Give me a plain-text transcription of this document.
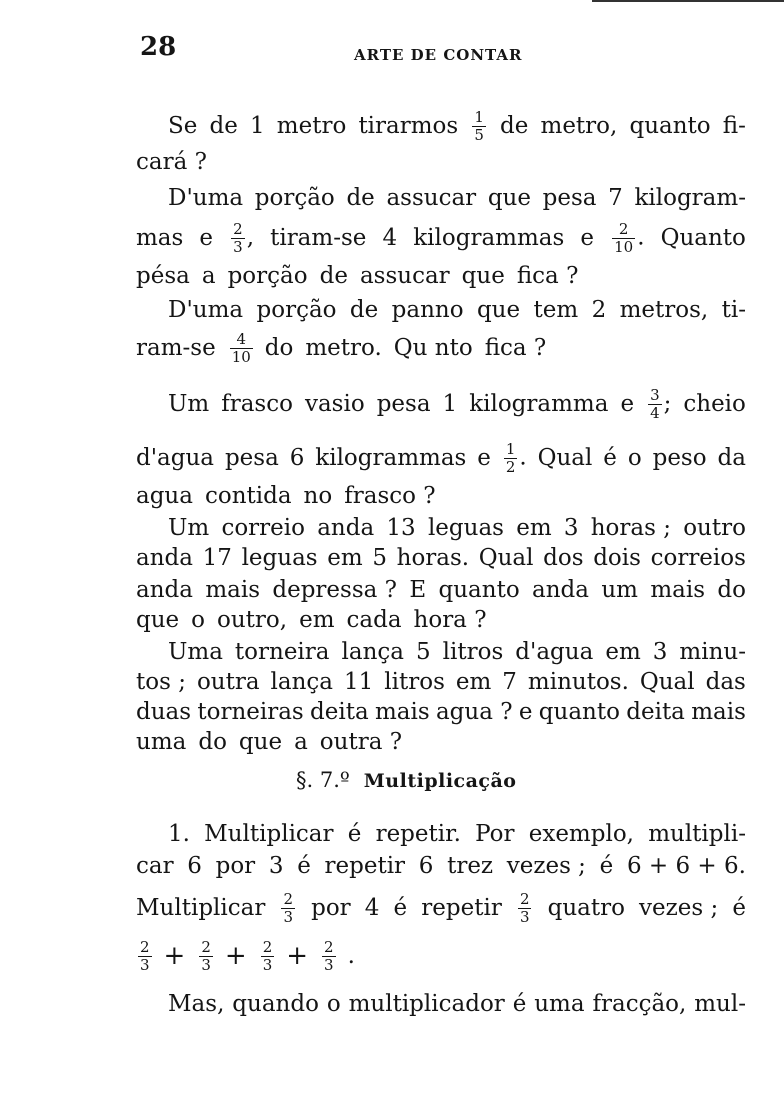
28	ARTE DE CONTAR
Se de 1 metro tirarmos $\frac{1}{5}$ de metro, quanto fi-
cará ?
D'uma porção de assucar que pesa 7 kilogram-
mas e $\frac{2}{3}$ , tiram-se 4 kilogrammas e $\frac{2}{10}$ . Quanto
pésa a porção de assucar que fica ?
D'uma porção de panno que tem 2 metros, ti-
$ram-se \frac{4}{10}$ do metro. Qu nto fica ?
Um frasco vasio pesa 1 kilogramma e $\frac{3}{4}$ ; cheio
d'agua pesa 6 kilogrammas e $\frac{1}{2}$ . Qual é o peso da
agua contida no frasco ?
Um correio anda 13 leguas em 3 horas ; outro
anda 17 leguas em 5 horas. Qual dos dois correios
anda mais depressa ? E quanto anda um mais do
que o outro, em cada hora ?
Uma torneira lança 5 litros d'agua em 3 minu-
tos ; outra lança 11 litros em 7 minutos. Qual das
duas torneiras deita mais agua ? e quanto deita mais
uma do que a outra ?
§. 7.º Multiplicação
1. Multiplicar é repetir. Por exemplo, multipli-
car 6 por 3 é repetir 6 trez vezes ; é 6 + 6 + 6.
Multiplicar $\frac{2}{3}$ por 4 é repetir $\frac{2}{3}$ quatro vezes ; é
$\frac{2}{3} + \frac{2}{3} + \frac{2}{3} + \frac{2}{3}$ .
Mas, quando o multiplicador é uma fracção, mul-
